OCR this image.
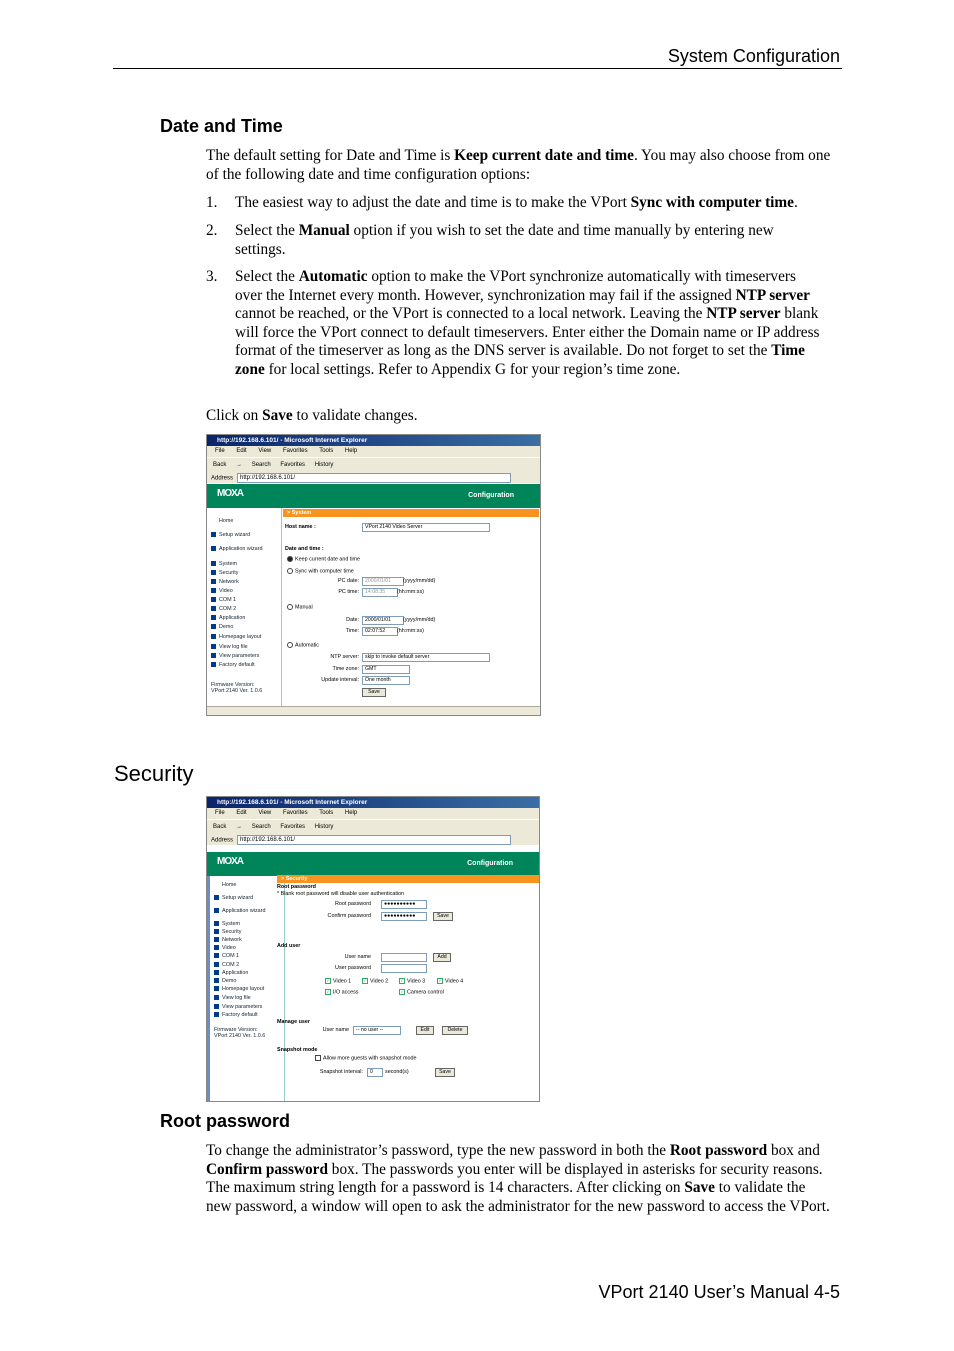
System Configuration
Date and Time
The default setting for Date and Time is Keep current date and time. You may also choose from one of the following date and time configuration options:
1. The easiest way to adjust the date and time is to make the VPort Sync with computer time.
2. Select the Manual option if you wish to set the date and time manually by entering new settings.
3. Select the Automatic option to make the VPort synchronize automatically with timeservers over the Internet every month. However, synchronization may fail if the assigned NTP server cannot be reached, or the VPort is connected to a local network. Leaving the NTP server blank will force the VPort connect to default timeservers. Enter either the Domain name or IP address format of the timeserver as long as the DNS server is available. Do not forget to set the Time zone for local settings. Refer to Appendix G for your region’s time zone.
Click on Save to validate changes.
http://192.168.6.101/ - Microsoft Internet Explorer
File Edit View Favorites Tools Help
Back → Search Favorites History
Address http://192.168.6.101/
MOXA	Configuration
Home
Setup wizard
Application wizard
System
Security
Network
Video
COM 1
COM 2
Application
Demo
Homepage layout
View log file
View parameters
Factory default
Firmware Version:
VPort 2140 Ver. 1.0.6
> System
Host name :	VPort 2140 Video Server
Date and time :
Keep current date and time
Sync with computer time
PC date:	2000/01/01	(yyyy/mm/dd)
PC time:	14:08:35	(hh:mm:ss)
Manual
Date:	2000/01/01	(yyyy/mm/dd)
Time:	02:07:52	(hh:mm:ss)
Automatic
NTP server:	skip to invoke default server
Time zone:	GMT
Update interval:	One month
Save
Security
http://192.168.6.101/ - Microsoft Internet Explorer
File Edit View Favorites Tools Help
Back → Search Favorites History
Address http://192.168.6.101/
MOXA	Configuration
Home
Setup wizard
Application wizard
System
Security
Network
Video
COM 1
COM 2
Application
Demo
Homepage layout
View log file
View parameters
Factory default
Firmware Version:
VPort 2140 Ver. 1.0.6
> Security
Root password
* Blank root password will disable user authentication
Root password	●●●●●●●●●●
Confirm password	●●●●●●●●●●	Save
Add user
User name	Add
User password
✓ Video 1	✓ Video 2	✓ Video 3	✓ Video 4
✓ I/O access	✓ Camera control
Manage user
User name	-- no user --	Edit	Delete
Snapshot mode
Allow more guests with snapshot mode
Snapshot interval:	0	second(s)	Save
Root password
To change the administrator’s password, type the new password in both the Root password box and Confirm password box. The passwords you enter will be displayed in asterisks for security reasons. The maximum string length for a password is 14 characters. After clicking on Save to validate the new password, a window will open to ask the administrator for the new password to access the VPort.
VPort 2140 User’s Manual 4-5
